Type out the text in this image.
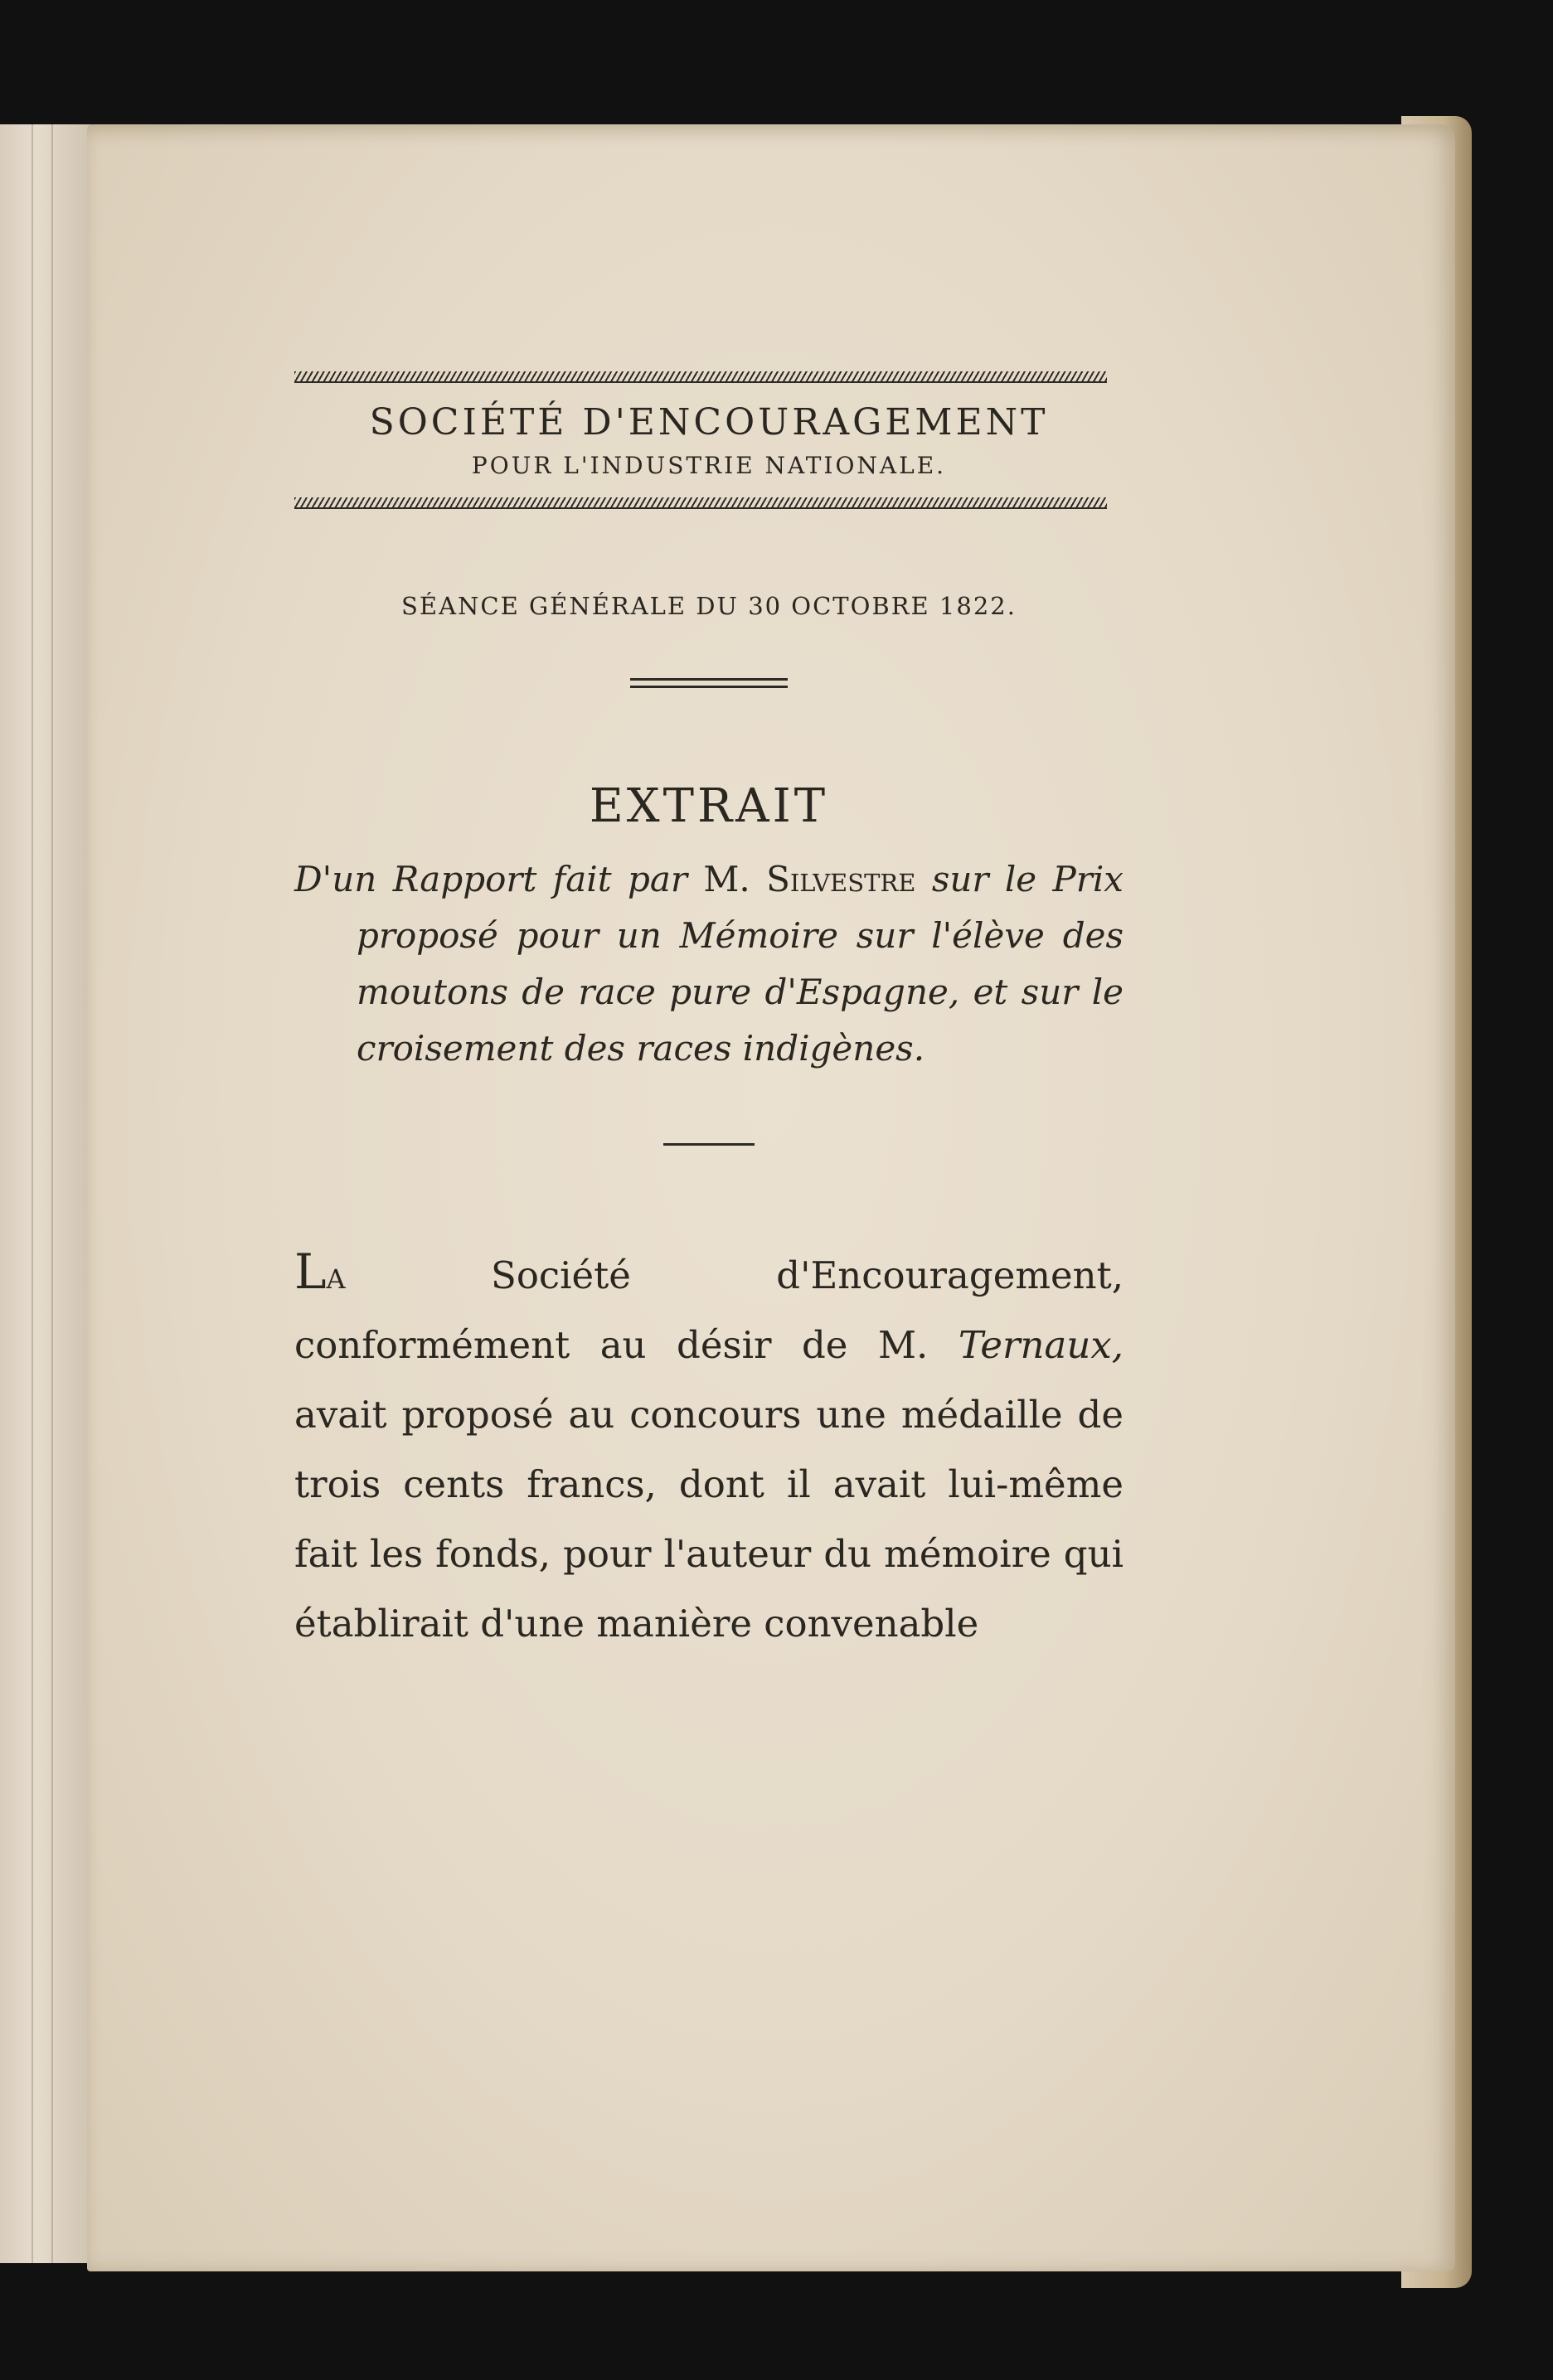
SOCIÉTÉ D'ENCOURAGEMENT
POUR L'INDUSTRIE NATIONALE.
SÉANCE GÉNÉRALE DU 30 OCTOBRE 1822.
EXTRAIT

D'un Rapport fait par M. Silvestre sur le Prix proposé pour un Mémoire sur l'élève des moutons de race pure d'Espagne, et sur le croisement des races indigènes.

La Société d'Encouragement, conformément au désir de M. Ternaux, avait proposé au concours une médaille de trois cents francs, dont il avait lui-même fait les fonds, pour l'auteur du mémoire qui établirait d'une manière convenable
